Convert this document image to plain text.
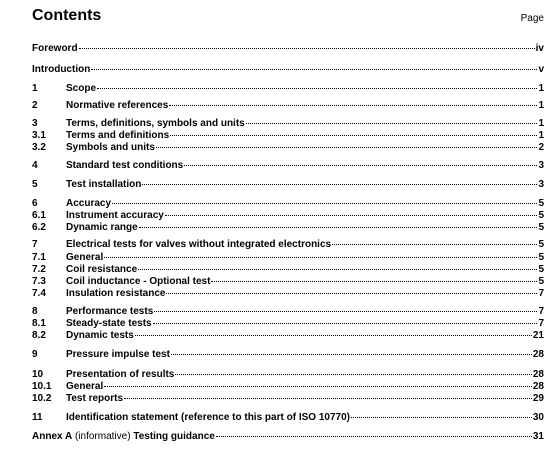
Contents	Page
Foreword	iv
Introduction	v
1	Scope	1
2	Normative references	1
3	Terms, definitions, symbols and units	1
3.1	Terms and definitions	1
3.2	Symbols and units	2
4	Standard test conditions	3
5	Test installation	3
6	Accuracy	5
6.1	Instrument accuracy	5
6.2	Dynamic range	5
7	Electrical tests for valves without integrated electronics	5
7.1	General	5
7.2	Coil resistance	5
7.3	Coil inductance - Optional test	5
7.4	Insulation resistance	7
8	Performance tests	7
8.1	Steady-state tests	7
8.2	Dynamic tests	21
9	Pressure impulse test	28
10	Presentation of results	28
10.1	General	28
10.2	Test reports	29
11	Identification statement (reference to this part of ISO 10770)	30
Annex A (informative) Testing guidance	31
